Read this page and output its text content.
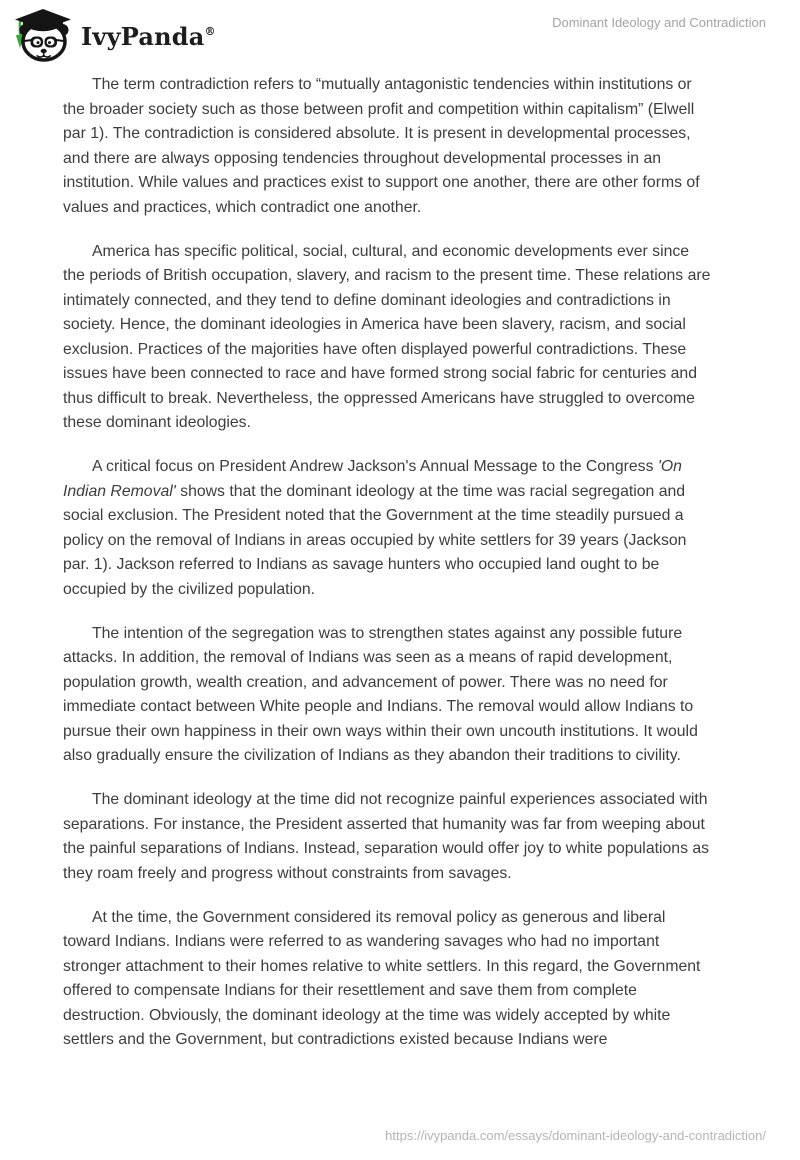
IvyPanda®
Dominant Ideology and Contradiction

The term contradiction refers to “mutually antagonistic tendencies within institutions or the broader society such as those between profit and competition within capitalism” (Elwell par 1). The contradiction is considered absolute. It is present in developmental processes, and there are always opposing tendencies throughout developmental processes in an institution. While values and practices exist to support one another, there are other forms of values and practices, which contradict one another.

America has specific political, social, cultural, and economic developments ever since the periods of British occupation, slavery, and racism to the present time. These relations are intimately connected, and they tend to define dominant ideologies and contradictions in society. Hence, the dominant ideologies in America have been slavery, racism, and social exclusion. Practices of the majorities have often displayed powerful contradictions. These issues have been connected to race and have formed strong social fabric for centuries and thus difficult to break. Nevertheless, the oppressed Americans have struggled to overcome these dominant ideologies.

A critical focus on President Andrew Jackson's Annual Message to the Congress 'On Indian Removal' shows that the dominant ideology at the time was racial segregation and social exclusion. The President noted that the Government at the time steadily pursued a policy on the removal of Indians in areas occupied by white settlers for 39 years (Jackson par. 1). Jackson referred to Indians as savage hunters who occupied land ought to be occupied by the civilized population.

The intention of the segregation was to strengthen states against any possible future attacks. In addition, the removal of Indians was seen as a means of rapid development, population growth, wealth creation, and advancement of power. There was no need for immediate contact between White people and Indians. The removal would allow Indians to pursue their own happiness in their own ways within their own uncouth institutions. It would also gradually ensure the civilization of Indians as they abandon their traditions to civility.

The dominant ideology at the time did not recognize painful experiences associated with separations. For instance, the President asserted that humanity was far from weeping about the painful separations of Indians. Instead, separation would offer joy to white populations as they roam freely and progress without constraints from savages.

At the time, the Government considered its removal policy as generous and liberal toward Indians. Indians were referred to as wandering savages who had no important stronger attachment to their homes relative to white settlers. In this regard, the Government offered to compensate Indians for their resettlement and save them from complete destruction. Obviously, the dominant ideology at the time was widely accepted by white settlers and the Government, but contradictions existed because Indians were

https://ivypanda.com/essays/dominant-ideology-and-contradiction/
